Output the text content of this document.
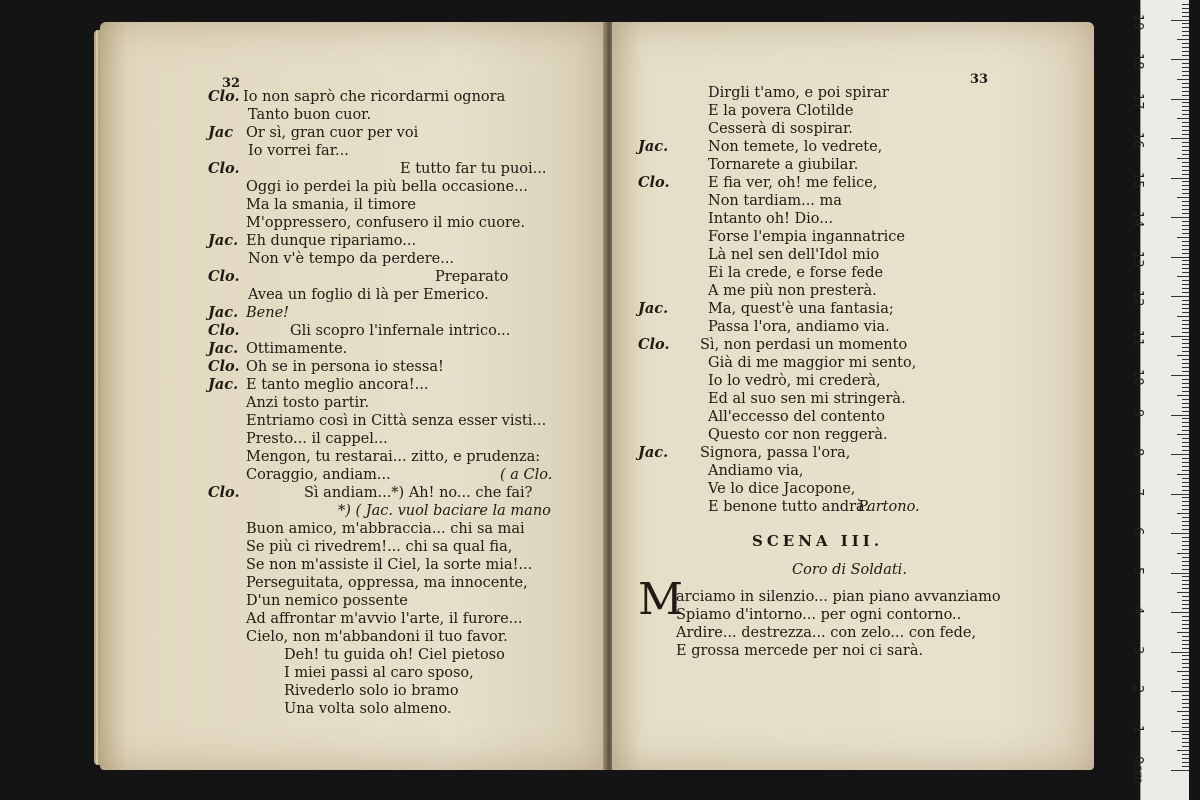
32
Clo. Io non saprò che ricordarmi ognora
Tanto buon cuor.
Jac Or sì, gran cuor per voi
Io vorrei far...
Clo.	E tutto far tu puoi...
Oggi io perdei la più bella occasione...
Ma la smania, il timore
M'oppressero, confusero il mio cuore.
Jac. Eh dunque ripariamo...
Non v'è tempo da perdere...
Clo.	Preparato
Avea un foglio di là per Emerico.
Jac. Bene!
Clo.	Gli scopro l'infernale intrico...
Jac. Ottimamente.
Clo. Oh se in persona io stessa!
Jac. E tanto meglio ancora!...
Anzi tosto partir.
Entriamo così in Città senza esser visti...
Presto... il cappel...
Mengon, tu restarai... zitto, e prudenza:
( a Clo.
Coraggio, andiam...
Clo.	Sì andiam...*) Ah! no... che fai?
*) ( Jac. vuol baciare la mano
Buon amico, m'abbraccia... chi sa mai
Se più ci rivedrem!... chi sa qual fia,
Se non m'assiste il Ciel, la sorte mia!...
Perseguitata, oppressa, ma innocente,
D'un nemico possente
Ad affrontar m'avvio l'arte, il furore...
Cielo, non m'abbandoni il tuo favor.
Deh! tu guida oh! Ciel pietoso
I miei passi al caro sposo,
Rivederlo solo io bramo
Una volta solo almeno.
33
Dirgli t'amo, e poi spirar
E la povera Clotilde
Cesserà di sospirar.
Jac.	Non temete, lo vedrete,
Tornarete a giubilar.
Clo.	E fia ver, oh! me felice,
Non tardiam... ma
Intanto oh! Dio...
Forse l'empia ingannatrice
Là nel sen dell'Idol mio
Ei la crede, e forse fede
A me più non presterà.
Jac.	Ma, quest'è una fantasia;
Passa l'ora, andiamo via.
Clo. Sì, non perdasi un momento
Già di me maggior mi sento,
Io lo vedrò, mi crederà,
Ed al suo sen mi stringerà.
All'eccesso del contento
Questo cor non reggerà.
Jac. Signora, passa l'ora,
Andiamo via,
Ve lo dice Jacopone,
E benone tutto andrà.
Partono.
SCENA III.
Coro di Soldati.
M
arciamo in silenzio... pian piano avvanziamo
Spiamo d'intorno... per ogni contorno..
Ardire... destrezza... con zelo... con fede,
E grossa mercede per noi ci sarà.
0cm
1
2
3
4
5
6
7
8
9
10
11
12
13
14
15
16
17
18
19
